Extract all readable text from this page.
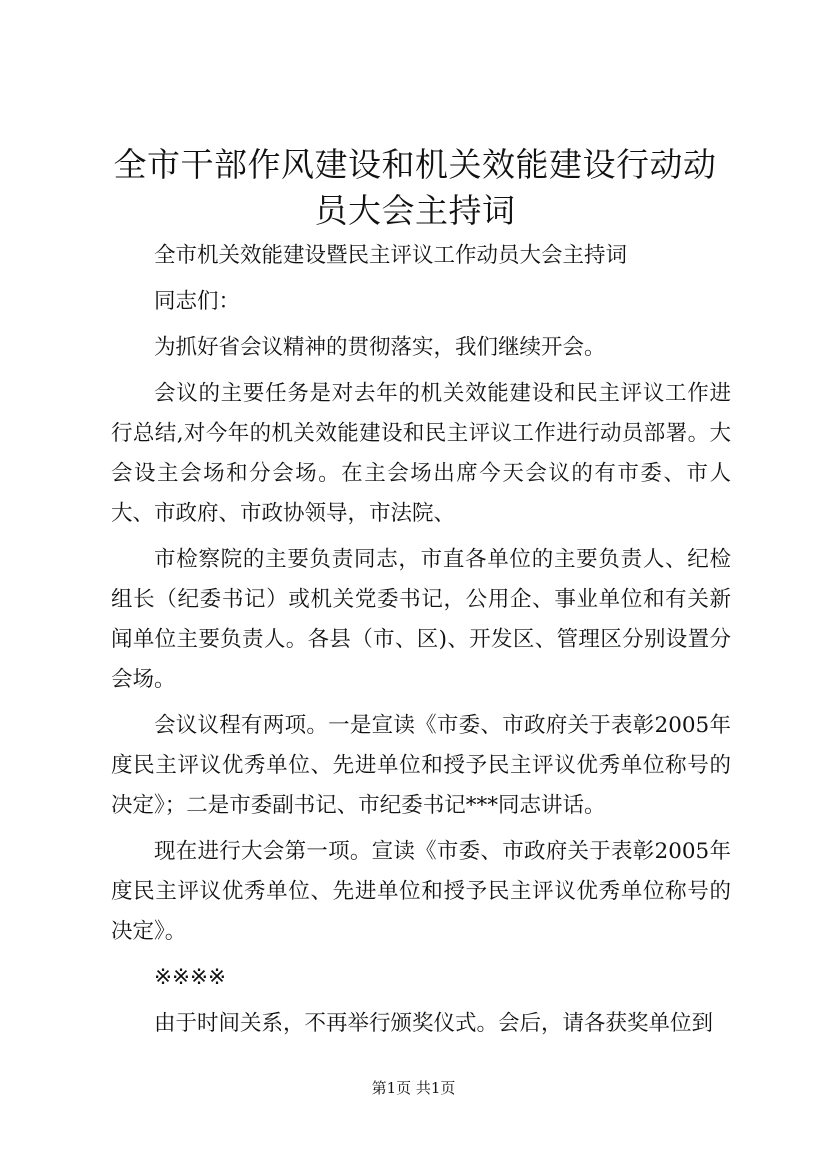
全市干部作风建设和机关效能建设行动动员大会主持词

全市机关效能建设暨民主评议工作动员大会主持词

同志们：

为抓好省会议精神的贯彻落实，我们继续开会。

会议的主要任务是对去年的机关效能建设和民主评议工作进行总结,对今年的机关效能建设和民主评议工作进行动员部署。大会设主会场和分会场。在主会场出席今天会议的有市委、市人大、市政府、市政协领导，市法院、

市检察院的主要负责同志，市直各单位的主要负责人、纪检组长（纪委书记）或机关党委书记，公用企、事业单位和有关新闻单位主要负责人。各县（市、区)、开发区、管理区分别设置分会场。

会议议程有两项。一是宣读《市委、市政府关于表彰2005年度民主评议优秀单位、先进单位和授予民主评议优秀单位称号的决定》；二是市委副书记、市纪委书记***同志讲话。

现在进行大会第一项。宣读《市委、市政府关于表彰2005年度民主评议优秀单位、先进单位和授予民主评议优秀单位称号的决定》。

※※※※

由于时间关系，不再举行颁奖仪式。会后，请各获奖单位到

第1页 共1页
